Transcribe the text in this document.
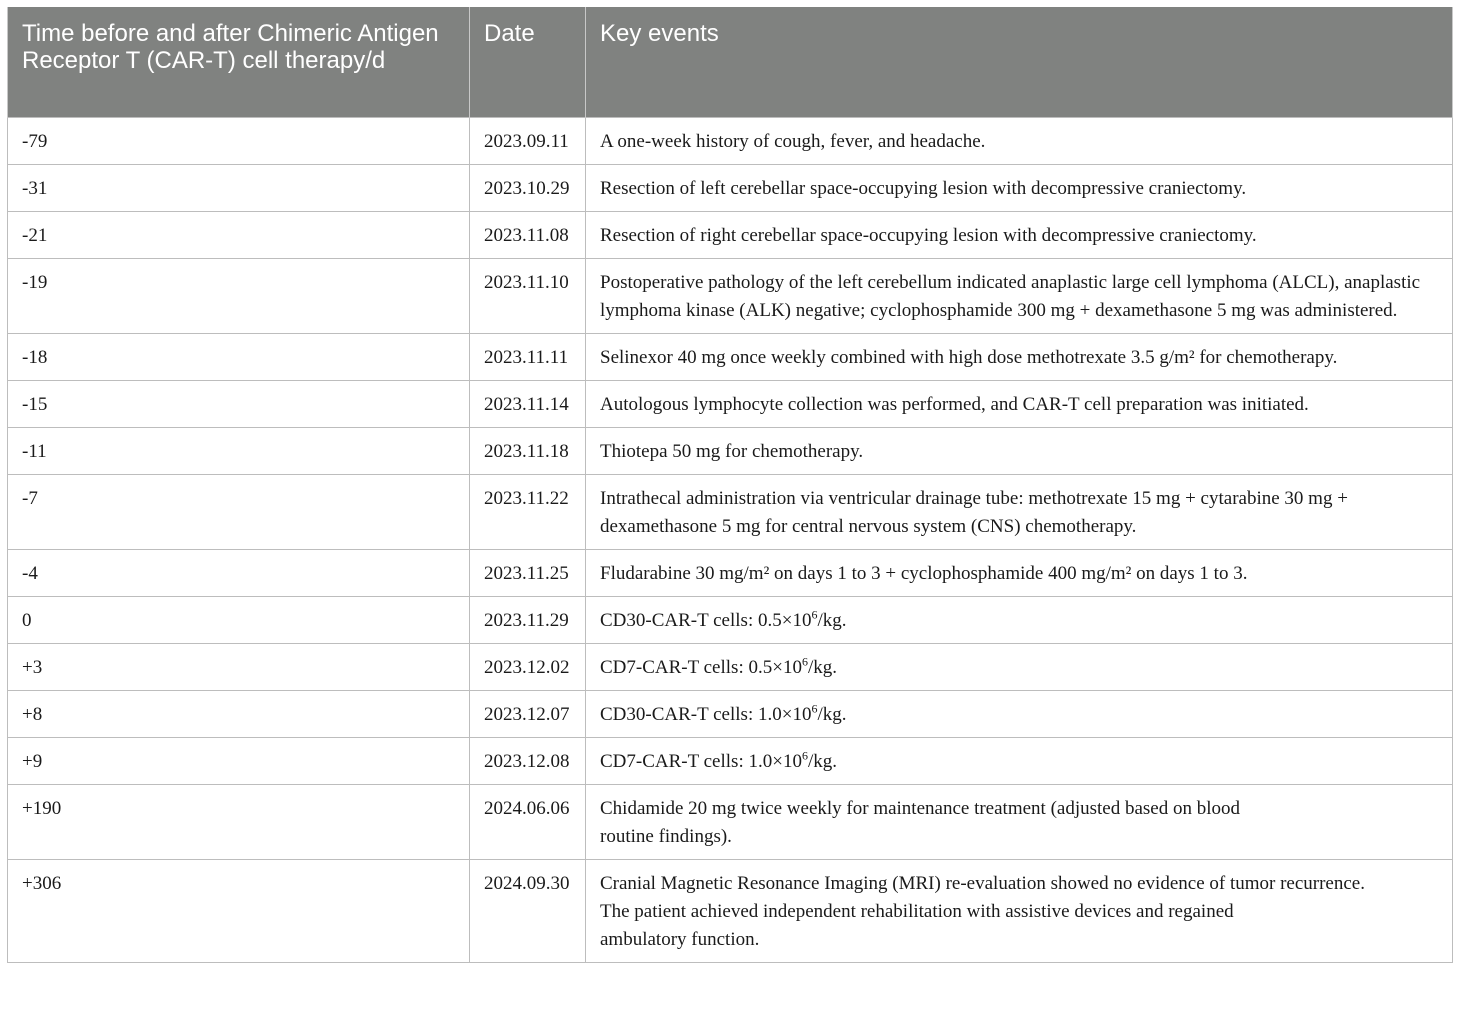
Time before and after Chimeric Antigen Receptor T (CAR-T) cell therapy/d	Date	Key events
-79	2023.09.11	A one-week history of cough, fever, and headache.
-31	2023.10.29	Resection of left cerebellar space-occupying lesion with decompressive craniectomy.
-21	2023.11.08	Resection of right cerebellar space-occupying lesion with decompressive craniectomy.
-19	2023.11.10	Postoperative pathology of the left cerebellum indicated anaplastic large cell lymphoma (ALCL), anaplastic lymphoma kinase (ALK) negative; cyclophosphamide 300 mg + dexamethasone 5 mg was administered.
-18	2023.11.11	Selinexor 40 mg once weekly combined with high dose methotrexate 3.5 g/m² for chemotherapy.
-15	2023.11.14	Autologous lymphocyte collection was performed, and CAR-T cell preparation was initiated.
-11	2023.11.18	Thiotepa 50 mg for chemotherapy.
-7	2023.11.22	Intrathecal administration via ventricular drainage tube: methotrexate 15 mg + cytarabine 30 mg + dexamethasone 5 mg for central nervous system (CNS) chemotherapy.
-4	2023.11.25	Fludarabine 30 mg/m² on days 1 to 3 + cyclophosphamide 400 mg/m² on days 1 to 3.
0	2023.11.29	CD30-CAR-T cells: $0.5\times 10^6/kg$.
+3	2023.12.02	CD7-CAR-T cells: $0.5\times 10^6/kg$.
+8	2023.12.07	CD30-CAR-T cells: $1.0\times 10^6/kg$.
+9	2023.12.08	CD7-CAR-T cells: $1.0\times 10^6/kg$.
+190	2024.06.06	Chidamide 20 mg twice weekly for maintenance treatment (adjusted based on blood
routine findings).
+306	2024.09.30	Cranial Magnetic Resonance Imaging (MRI) re-evaluation showed no evidence of tumor recurrence.
The patient achieved independent rehabilitation with assistive devices and regained
ambulatory function.
